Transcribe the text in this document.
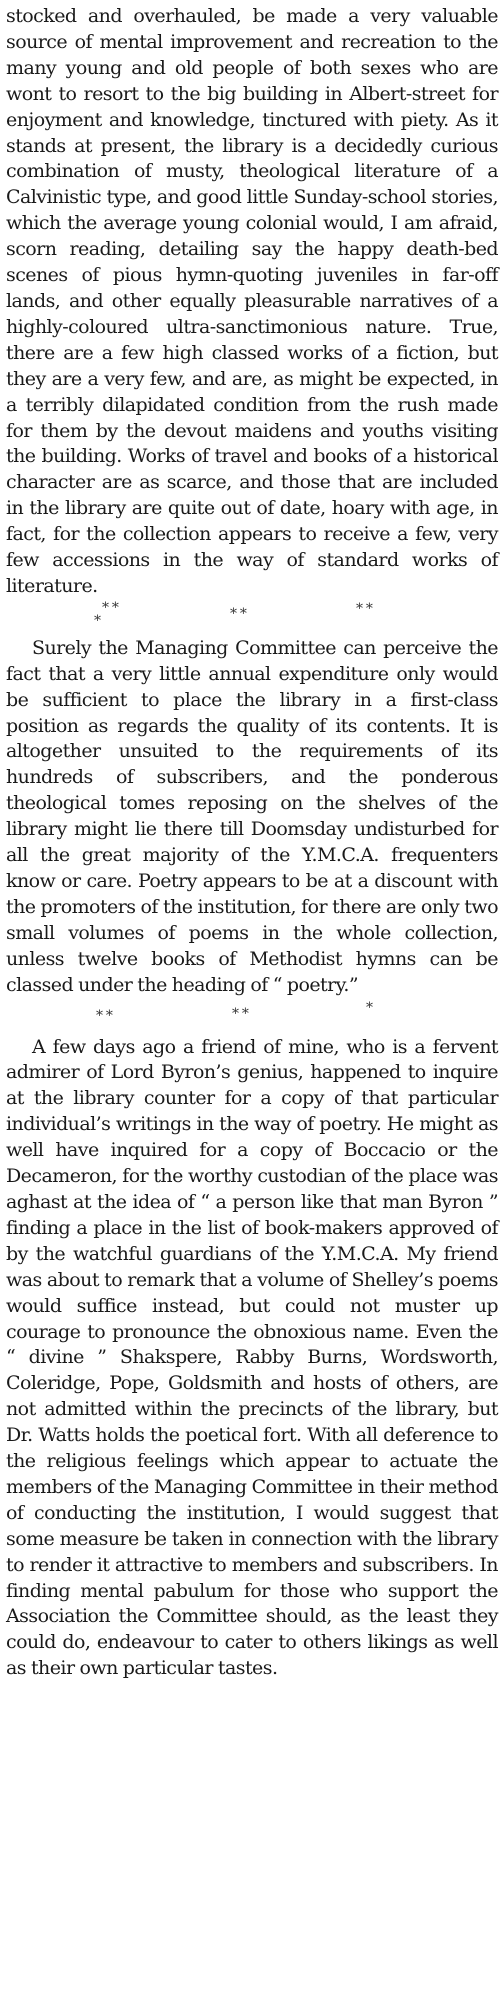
stocked and overhauled, be made a very valuable source of mental improvement and recreation to the many young and old people of both sexes who are wont to resort to the big building in Albert-street for enjoyment and knowledge, tinctured with piety. As it stands at present, the library is a decidedly curious combination of musty, theological literature of a Calvinistic type, and good little Sunday-school stories, which the average young colonial would, I am afraid, scorn reading, detailing say the happy death-bed scenes of pious hymn-quoting juveniles in far-off lands, and other equally pleasurable narratives of a highly-coloured ultra-sanctimonious nature. True, there are a few high classed works of a fiction, but they are a very few, and are, as might be expected, in a terribly dilapidated condition from the rush made for them by the devout maidens and youths visiting the building. Works of travel and books of a historical character are as scarce, and those that are included in the library are quite out of date, hoary with age, in fact, for the collection appears to receive a few, very few accessions in the way of standard works of literature.

* *
*	* *	* *

Surely the Managing Committee can perceive the fact that a very little annual expenditure only would be sufficient to place the library in a first-class position as regards the quality of its contents. It is altogether unsuited to the requirements of its hundreds of subscribers, and the ponderous theological tomes reposing on the shelves of the library might lie there till Doomsday undisturbed for all the great majority of the Y.M.C.A. frequenters know or care. Poetry appears to be at a discount with the promoters of the institution, for there are only two small volumes of poems in the whole collection, unless twelve books of Methodist hymns can be classed under the heading of “ poetry.”

* *	* *	*

A few days ago a friend of mine, who is a fervent admirer of Lord Byron’s genius, happened to inquire at the library counter for a copy of that particular individual’s writings in the way of poetry. He might as well have inquired for a copy of Boccacio or the Decameron, for the worthy custodian of the place was aghast at the idea of “ a person like that man Byron ” finding a place in the list of book-makers approved of by the watchful guardians of the Y.M.C.A. My friend was about to remark that a volume of Shelley’s poems would suffice instead, but could not muster up courage to pronounce the obnoxious name. Even the “ divine ” Shakspere, Rabby Burns, Wordsworth, Coleridge, Pope, Goldsmith and hosts of others, are not admitted within the precincts of the library, but Dr. Watts holds the poetical fort. With all deference to the religious feelings which appear to actuate the members of the Managing Committee in their method of conducting the institution, I would suggest that some measure be taken in connection with the library to render it attractive to members and subscribers. In finding mental pabulum for those who support the Association the Committee should, as the least they could do, endeavour to cater to others likings as well as their own particular tastes.
